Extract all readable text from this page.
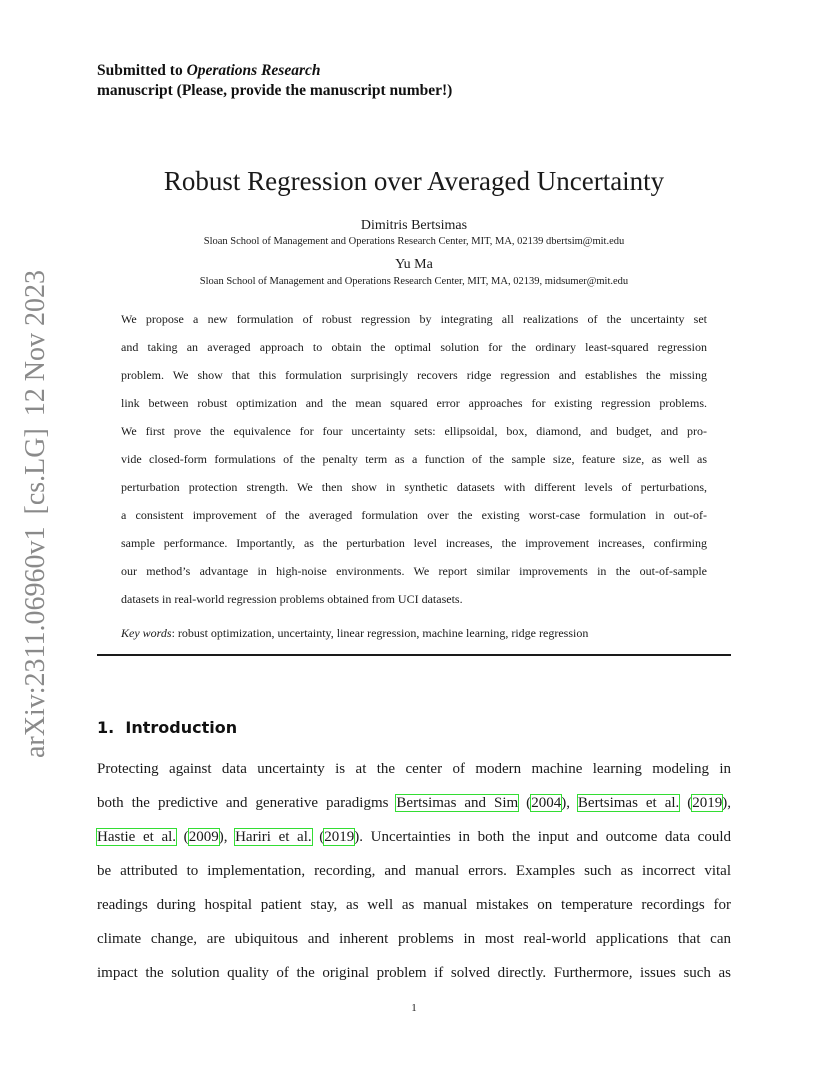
Submitted to Operations Research
manuscript (Please, provide the manuscript number!)
Robust Regression over Averaged Uncertainty
Dimitris Bertsimas
Sloan School of Management and Operations Research Center, MIT, MA, 02139 dbertsim@mit.edu
Yu Ma
Sloan School of Management and Operations Research Center, MIT, MA, 02139, midsumer@mit.edu
We propose a new formulation of robust regression by integrating all realizations of the uncertainty set
and taking an averaged approach to obtain the optimal solution for the ordinary least-squared regression
problem. We show that this formulation surprisingly recovers ridge regression and establishes the missing
link between robust optimization and the mean squared error approaches for existing regression problems.
We first prove the equivalence for four uncertainty sets: ellipsoidal, box, diamond, and budget, and pro-
vide closed-form formulations of the penalty term as a function of the sample size, feature size, as well as
perturbation protection strength. We then show in synthetic datasets with different levels of perturbations,
a consistent improvement of the averaged formulation over the existing worst-case formulation in out-of-
sample performance. Importantly, as the perturbation level increases, the improvement increases, confirming
our method’s advantage in high-noise environments. We report similar improvements in the out-of-sample
datasets in real-world regression problems obtained from UCI datasets.
Key words: robust optimization, uncertainty, linear regression, machine learning, ridge regression
1. Introduction
Protecting against data uncertainty is at the center of modern machine learning modeling in
both the predictive and generative paradigms Bertsimas and Sim (2004), Bertsimas et al. (2019),
Hastie et al. (2009), Hariri et al. (2019). Uncertainties in both the input and outcome data could
be attributed to implementation, recording, and manual errors. Examples such as incorrect vital
readings during hospital patient stay, as well as manual mistakes on temperature recordings for
climate change, are ubiquitous and inherent problems in most real-world applications that can
impact the solution quality of the original problem if solved directly. Furthermore, issues such as
1
arXiv:2311.06960v1[cs.LG]12 Nov 2023
